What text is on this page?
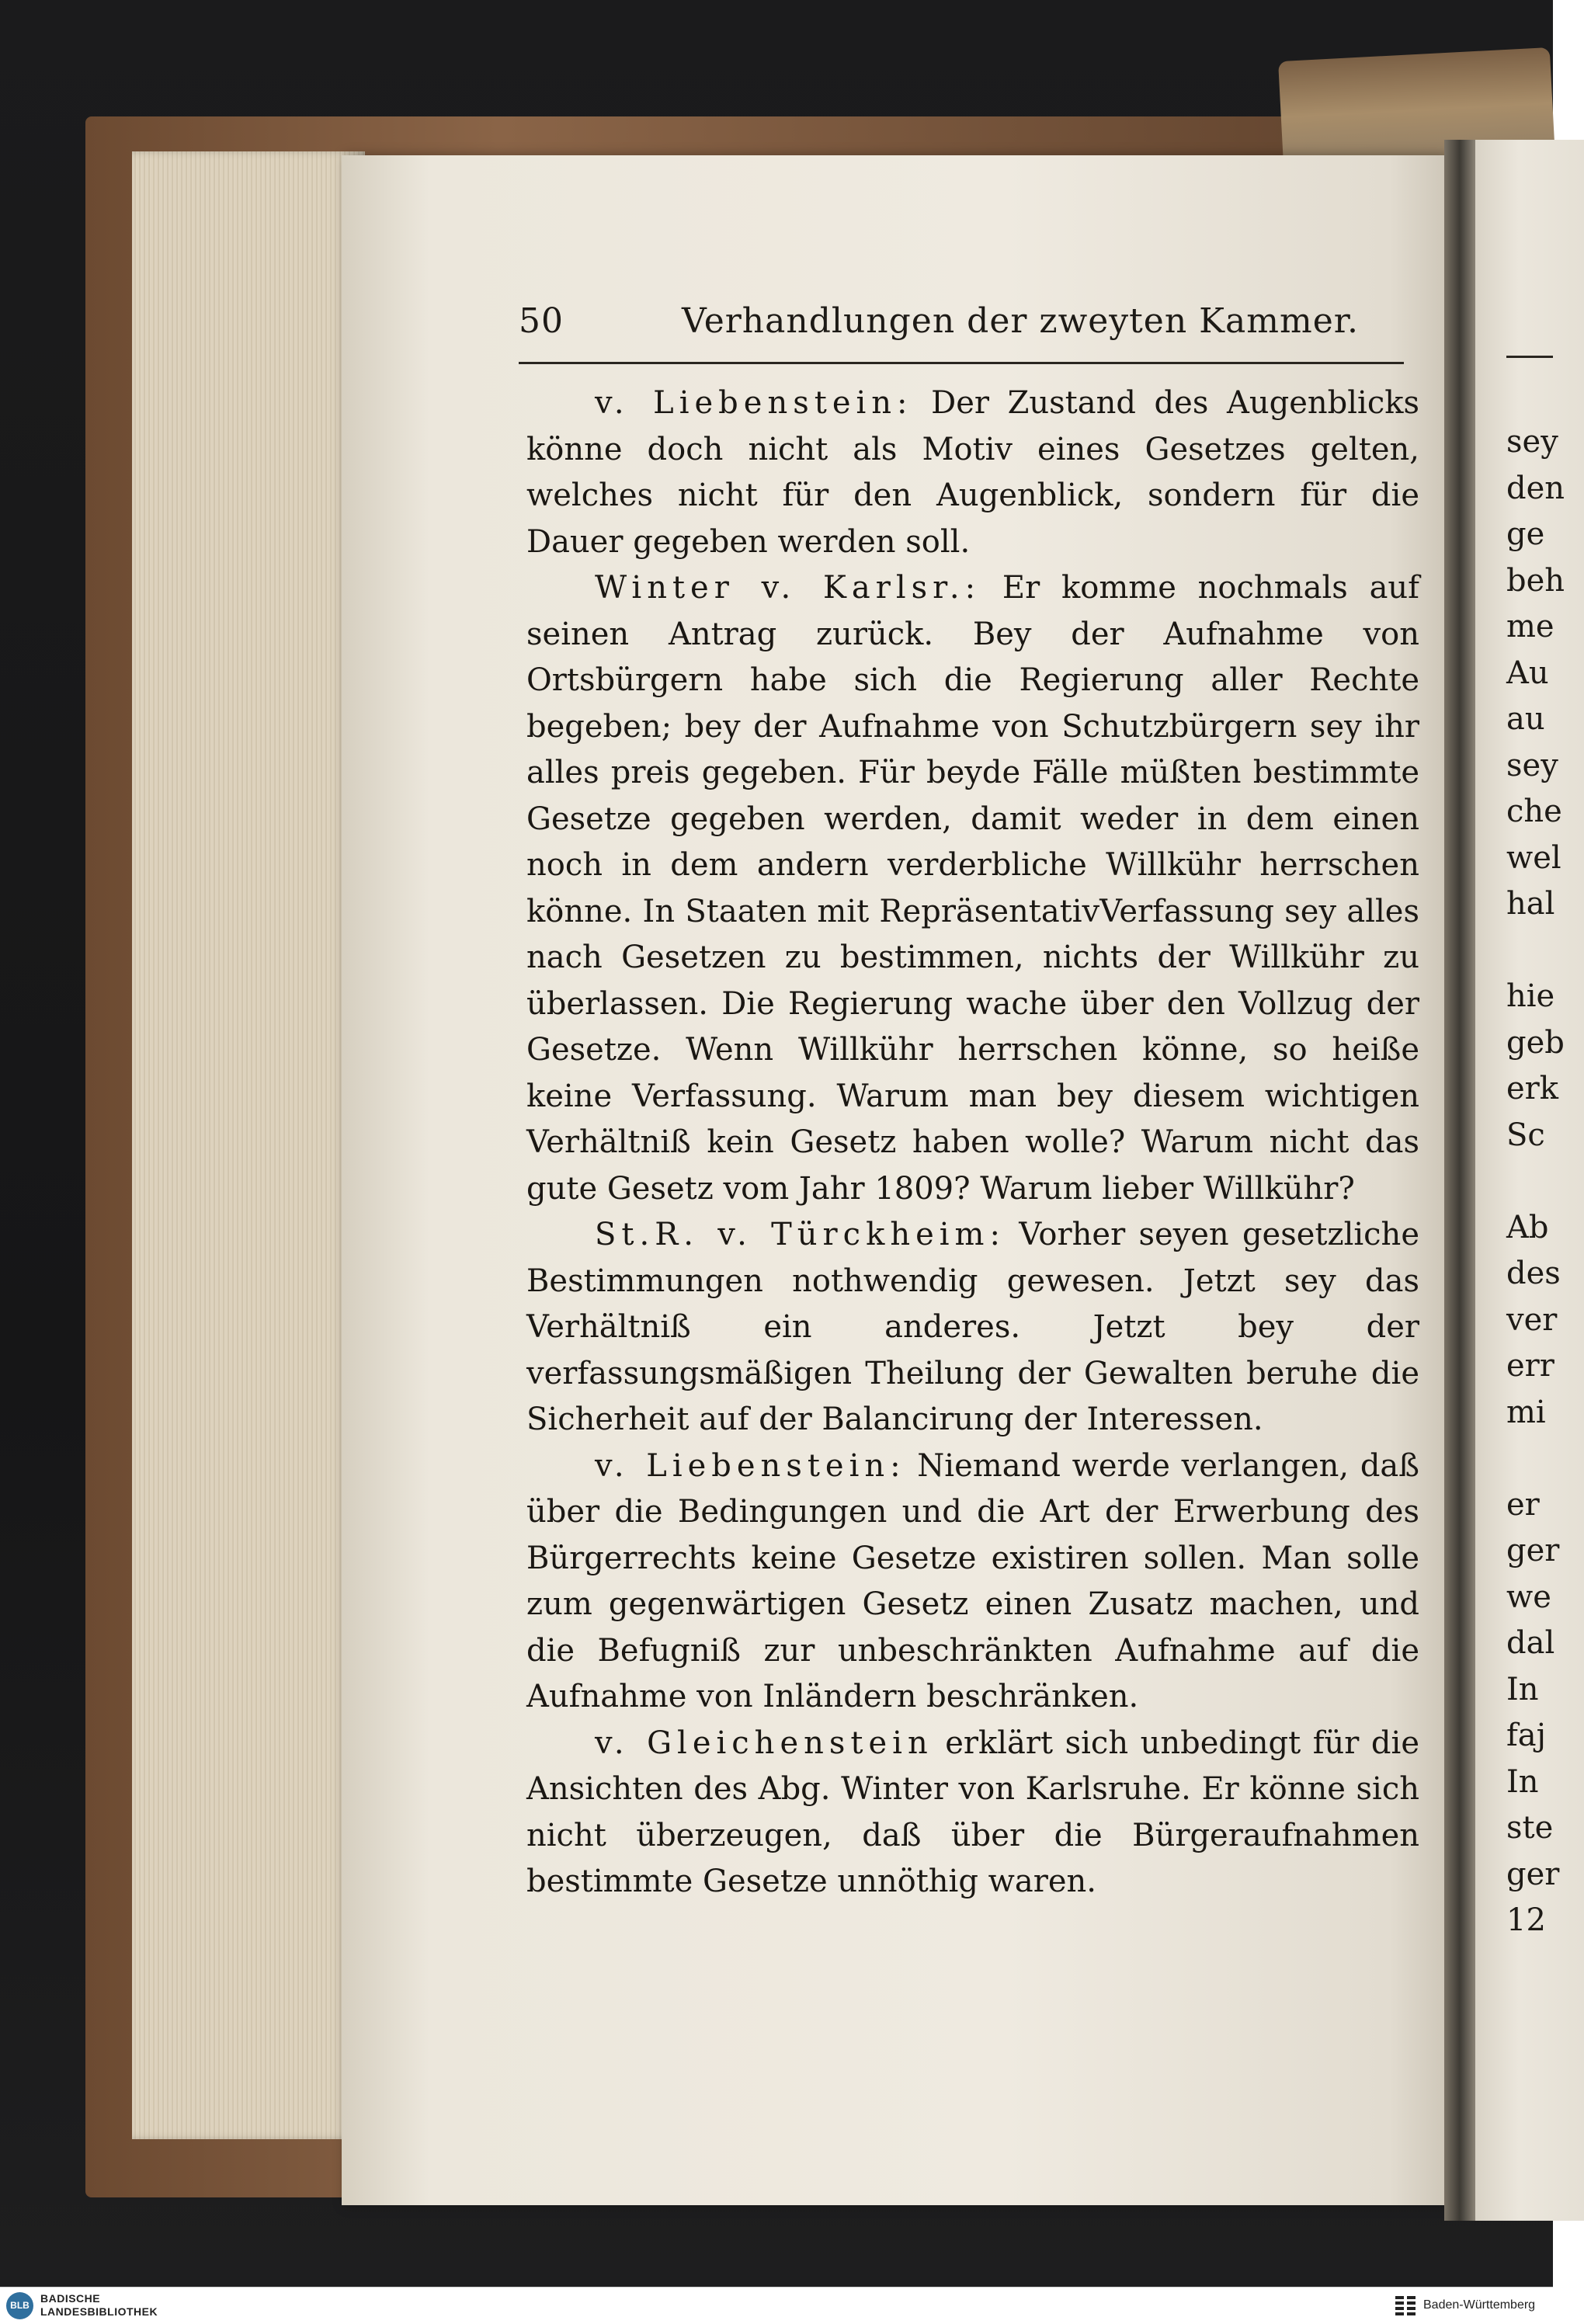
50	Verhandlungen der zweyten Kammer.

v. Liebenstein: Der Zustand des Augenblicks könne doch nicht als Motiv eines Gesetzes gelten, welches nicht für den Augenblick, sondern für die Dauer gegeben werden soll.

Winter v. Karlsr.: Er komme nochmals auf seinen Antrag zurück. Bey der Aufnahme von Ortsbürgern habe sich die Regierung aller Rechte begeben; bey der Aufnahme von Schutzbürgern sey ihr alles preis gegeben. Für beyde Fälle müßten bestimmte Gesetze gegeben werden, damit weder in dem einen noch in dem andern verderbliche Willkühr herrschen könne. In Staaten mit RepräsentativVerfassung sey alles nach Gesetzen zu bestimmen, nichts der Willkühr zu überlassen. Die Regierung wache über den Vollzug der Gesetze. Wenn Willkühr herrschen könne, so heiße keine Verfassung. Warum man bey diesem wichtigen Verhältniß kein Gesetz haben wolle? Warum nicht das gute Gesetz vom Jahr 1809? Warum lieber Willkühr?

St.R. v. Türckheim: Vorher seyen gesetzliche Bestimmungen nothwendig gewesen. Jetzt sey das Verhältniß ein anderes. Jetzt bey der verfassungsmäßigen Theilung der Gewalten beruhe die Sicherheit auf der Balancirung der Interessen.

v. Liebenstein: Niemand werde verlangen, daß über die Bedingungen und die Art der Erwerbung des Bürgerrechts keine Gesetze existiren sollen. Man solle zum gegenwärtigen Gesetz einen Zusatz machen, und die Befugniß zur unbeschränkten Aufnahme auf die Aufnahme von Inländern beschränken.

v. Gleichenstein erklärt sich unbedingt für die Ansichten des Abg. Winter von Karlsruhe. Er könne sich nicht überzeugen, daß über die Bürgeraufnahmen bestimmte Gesetze unnöthig waren.

sey
den
ge
beh
me
Au
au
sey
che
wel
hal
hie
geb
erk
Sc
Ab
des
ver
err
mi
er
ger
we
dal
In
faj
In
ste
ger
12
BLB
BADISCHE
LANDESBIBLIOTHEK	Baden-Württemberg
